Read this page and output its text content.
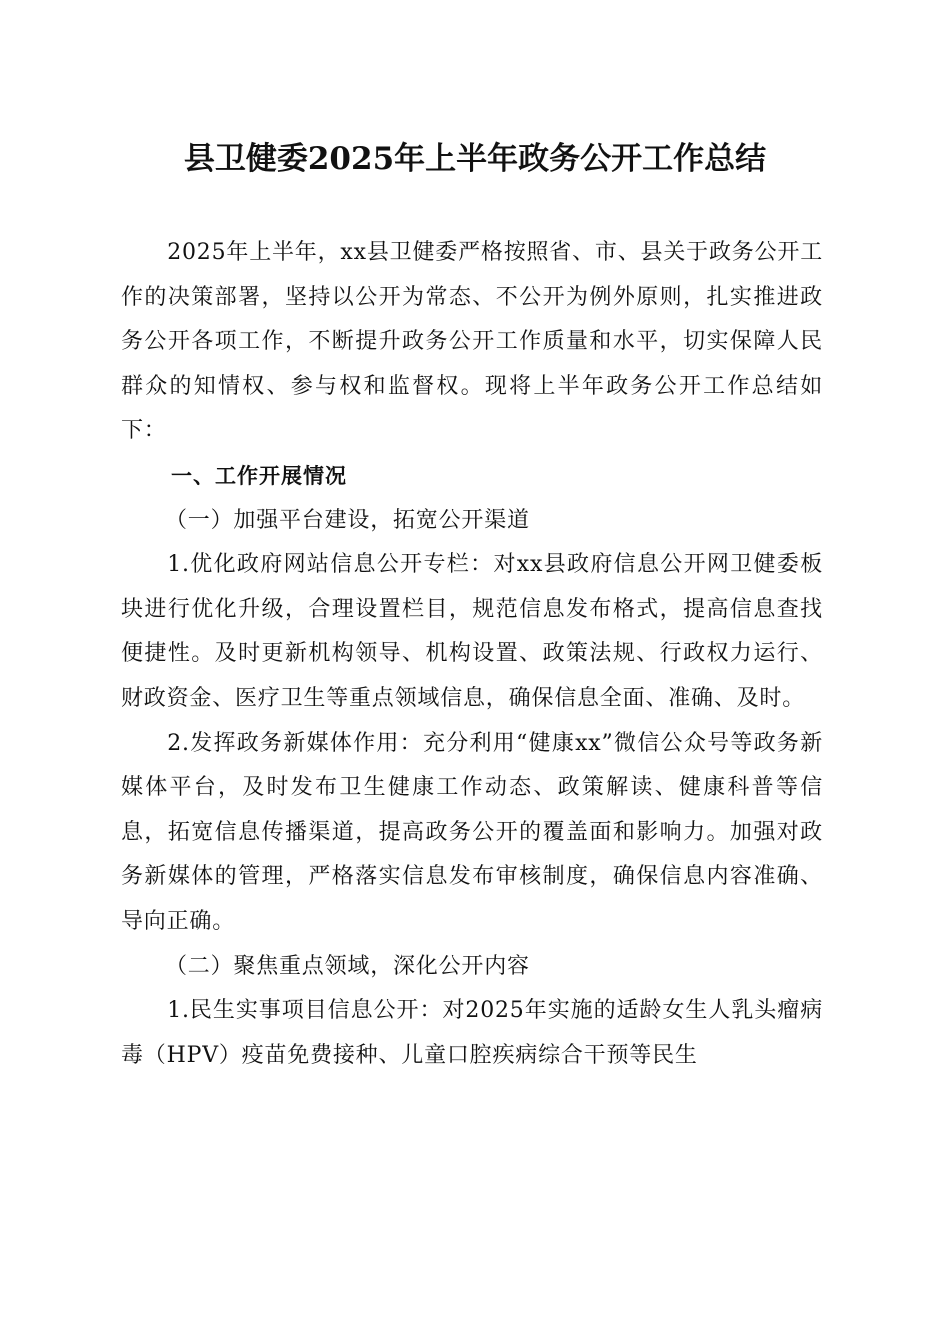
县卫健委2025年上半年政务公开工作总结

2025年上半年，xx县卫健委严格按照省、市、县关于政务公开工作的决策部署，坚持以公开为常态、不公开为例外原则，扎实推进政务公开各项工作，不断提升政务公开工作质量和水平，切实保障人民群众的知情权、参与权和监督权。现将上半年政务公开工作总结如下：

一、工作开展情况

（一）加强平台建设，拓宽公开渠道

1.优化政府网站信息公开专栏：对xx县政府信息公开网卫健委板块进行优化升级，合理设置栏目，规范信息发布格式，提高信息查找便捷性。及时更新机构领导、机构设置、政策法规、行政权力运行、财政资金、医疗卫生等重点领域信息，确保信息全面、准确、及时。

2.发挥政务新媒体作用：充分利用“健康xx”微信公众号等政务新媒体平台，及时发布卫生健康工作动态、政策解读、健康科普等信息，拓宽信息传播渠道，提高政务公开的覆盖面和影响力。加强对政务新媒体的管理，严格落实信息发布审核制度，确保信息内容准确、导向正确。

（二）聚焦重点领域，深化公开内容

1.民生实事项目信息公开：对2025年实施的适龄女生人乳头瘤病毒（HPV）疫苗免费接种、儿童口腔疾病综合干预等民生
